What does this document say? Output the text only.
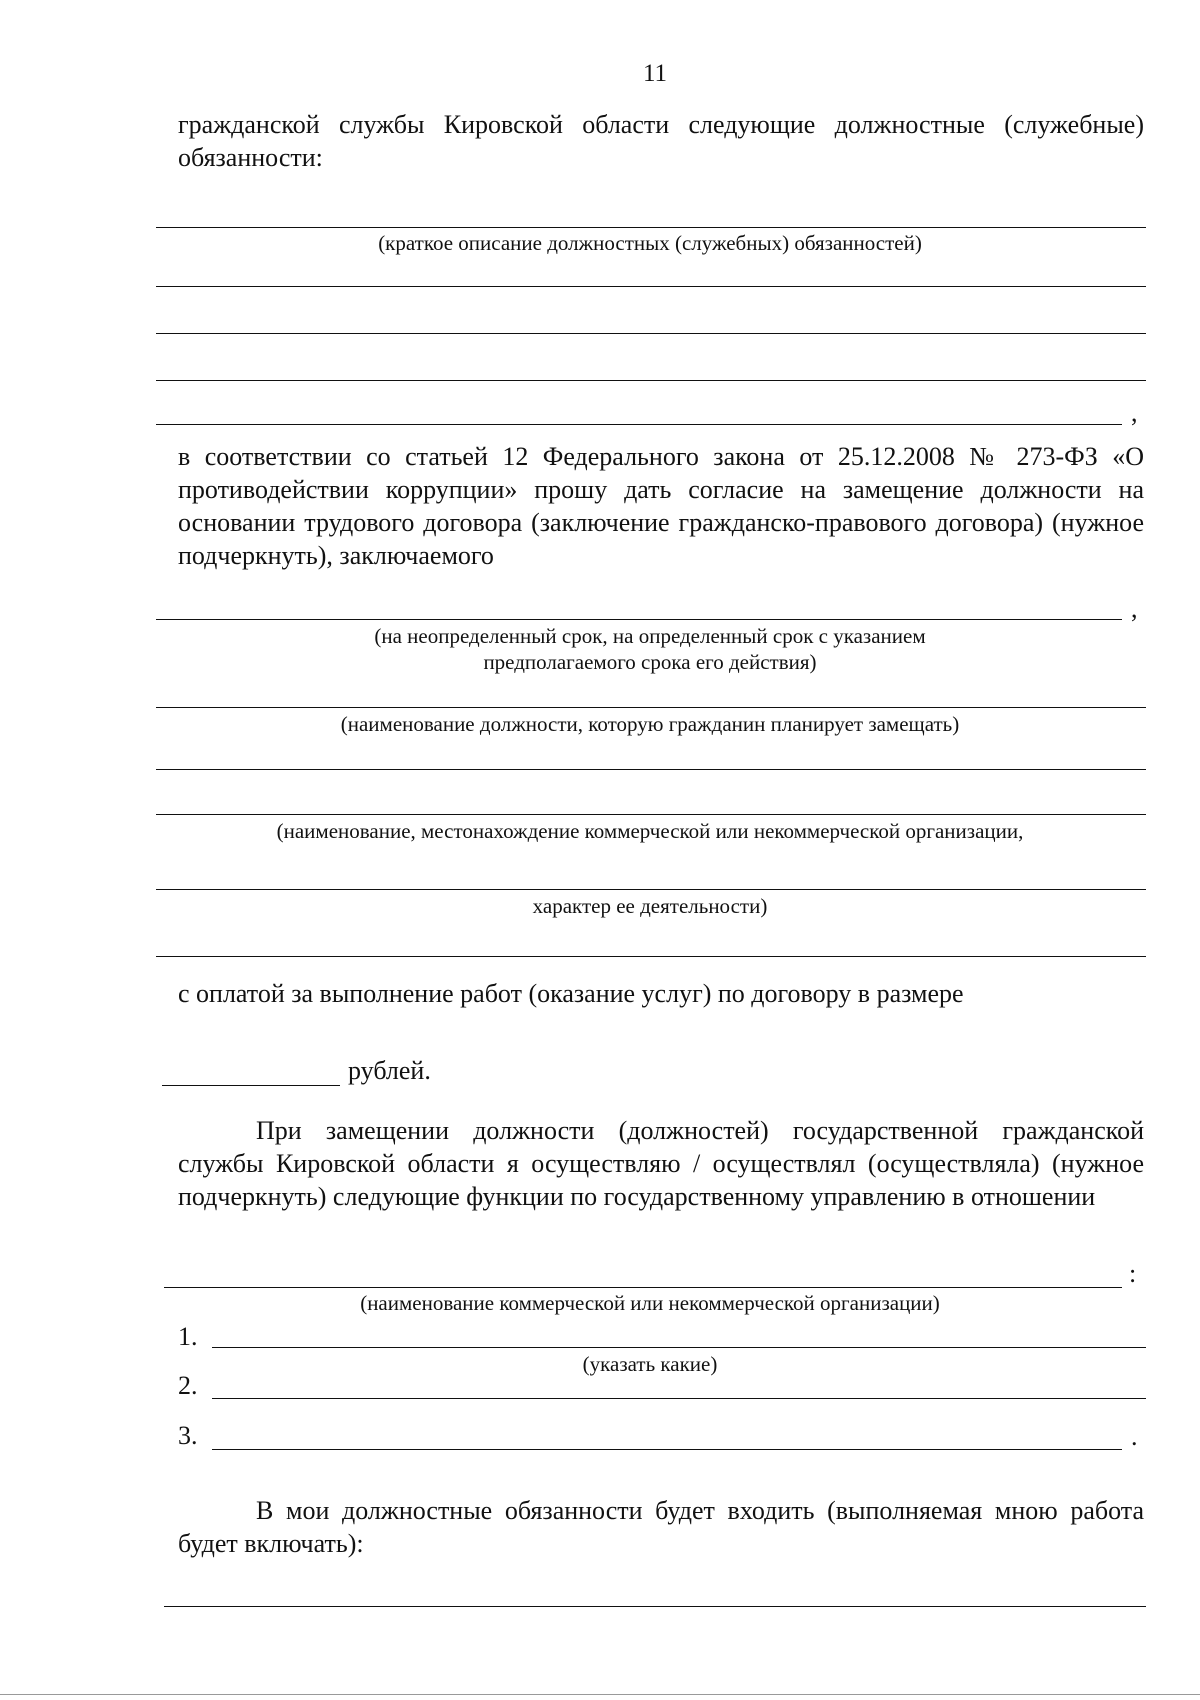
11
гражданской службы Кировской области следующие должностные (служебные) обязанности:
(краткое описание должностных (служебных) обязанностей)
,
в соответствии со статьей 12 Федерального закона от 25.12.2008 № 273-ФЗ «О противодействии коррупции» прошу дать согласие на замещение должности на основании трудового договора (заключение гражданско-правового договора) (нужное подчеркнуть), заключаемого
,
(на неопределенный срок, на определенный срок с указанием
предполагаемого срока его действия)
(наименование должности, которую гражданин планирует замещать)
(наименование, местонахождение коммерческой или некоммерческой организации,
характер ее деятельности)
с оплатой за выполнение работ (оказание услуг) по договору в размере
рублей.
При замещении должности (должностей) государственной гражданской службы Кировской области я осуществляю / осуществлял (осуществляла) (нужное подчеркнуть) следующие функции по государственному управлению в отношении
:
(наименование коммерческой или некоммерческой организации)
1.
(указать какие)
2.
3.	.
В мои должностные обязанности будет входить (выполняемая мною работа будет включать):
